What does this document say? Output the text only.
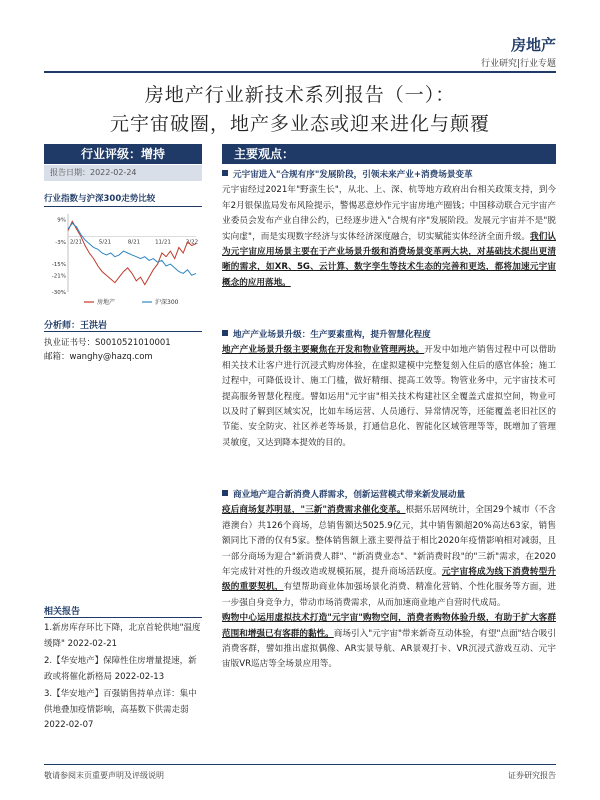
房地产
行业研究|行业专题
房地产行业新技术系列报告（一）：
元宇宙破圈，地产多业态或迎来进化与颠覆
行业评级：增持
报告日期：2022-02-24
行业指数与沪深300走势比较
9%
-3%
-15%
-21%
-30%
2/21	5/21	8/21	11/21	2/22
房地产	沪深300
分析师：王洪岩
执业证书号：S0010521010001
邮箱：wanghy@hazq.com
相关报告
1.新房库存环比下降，北京首轮供地"温度缓降" 2022-02-21
2.【华安地产】保障性住房增量提速，新政或将催化新格局 2022-02-13
3.【华安地产】百强销售持单点详：集中供地叠加疫情影响，高基数下供需走弱 2022-02-07
主要观点：
元宇宙进入"合规有序"发展阶段，引领未来产业+消费场景变革
元宇宙经过2021年"野蛮生长"，从北、上、深、杭等地方政府出台相关政策支持，到今年2月银保监局发布风险提示，警惕恶意炒作元宇宙房地产圈钱；中国移动联合元宇宙产业委员会发布产业自律公约，已经逐步进入"合规有序"发展阶段。发展元宇宙并不是"脱实向虚"，而是实现数字经济与实体经济深度融合，切实赋能实体经济全面升级。我们认为元宇宙应用场景主要在于产业场景升级和消费场景变革两大块，对基础技术提出更清晰的需求，如XR、5G、云计算、数字孪生等技术生态的完善和更迭，都将加速元宇宙概念的应用落地。
地产产业场景升级：生产要素重构，提升智慧化程度
地产产业场景升级主要聚焦在开发和物业管理两块。开发中如地产销售过程中可以借助相关技术让客户进行沉浸式购房体验，在虚拟建模中完整复刻入住后的感官体验；施工过程中，可降低设计、施工门槛，做好精细、提高工效等。物管业务中，元宇宙技术可提高服务智慧化程度。譬如运用"元宇宙"相关技术构建社区全覆盖式虚拟空间，物业可以及时了解到区域实况，比如车场运营、人员通行、异常情况等，还能覆盖老旧社区的节能、安全防灾、社区养老等场景，打通信息化、智能化区域管理等等，既增加了管理灵敏度，又达到降本提效的目的。
商业地产迎合新消费人群需求，创新运营模式带来新发展动量
疫后商场复苏明显，"三新"消费需求催化变革。根据乐居网统计，全国29个城市（不含港澳台）共126个商场，总销售额达5025.9亿元，其中销售额超20%高达63家，销售额同比下滑的仅有5家。整体销售额上涨主要得益于相比2020年疫情影响相对减弱，且一部分商场为迎合"新消费人群"、"新消费业态"、"新消费时段"的"三新"需求，在2020年完成针对性的升级改造或规模拓展，提升商场活跃度。元宇宙将成为线下消费转型升级的重要契机，有望帮助商业体加强场景化消费、精准化营销、个性化服务等方面，进一步强自身竞争力，带动市场消费需求，从而加速商业地产自营时代成局。
购物中心运用虚拟技术打造"元宇宙"购物空间，消费者购物体验升级，有助于扩大客群范围和增强已有客群的黏性。商场引入"元宇宙"带来新奇互动体验，有望"点面"结合吸引消费客群，譬如推出虚拟偶像、AR实景导航、AR景观打卡、VR沉浸式游戏互动、元宇宙版VR巡店等全场景应用等。
敬请参阅末页重要声明及评级说明	证券研究报告
